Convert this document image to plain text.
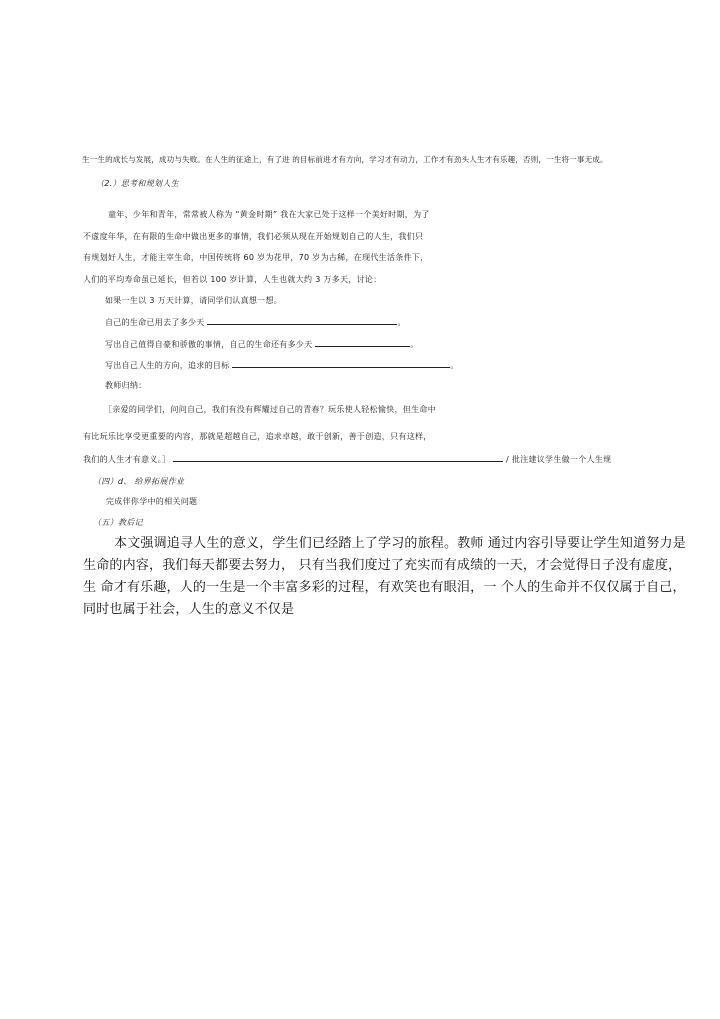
生一生的成长与发展，成功与失败。在人生的征途上，有了进 的目标前进才有方向，学习才有动力，工作才有劲头人生才有乐趣，否则，一生将一事无成。
（2.）思考和规划人生
童年、少年和青年，常常被人称为 “黄金时期” 我在大家已处于这样一个美好时期，为了
不虚度年华，在有限的生命中做出更多的事情，我们必须从现在开始规划自己的人生，我们只
有规划好人生，才能主宰生命，中国传统将 60 岁为花甲，70 岁为古稀，在现代生活条件下，
人们的平均寿命虽已延长，但若以 100 岁计算，人生也就大约 3 万多天，讨论：
如果一生以 3 万天计算，请同学们认真想一想。
自己的生命已用去了多少天	。
写出自己值得自豪和骄傲的事情，自己的生命还有多少天	。
写出自己人生的方向，追求的目标	。
教师归纳：
［亲爱的同学们，问问自己，我们有没有辉耀过自己的青春？玩乐使人轻松愉快，但生命中
有比玩乐比享受更重要的内容，那就是超越自己，追求卓越，敢于创新，善于创造，只有这样，
我们的人生才有意义。］	/ 批注建议学生做一个人生规
（四）d、 给界拓展作业
完成伴你学中的相关问题
（五）教后记
本文强调追寻人生的意义，学生们已经踏上了学习的旅程。教师 通过内容引导要让学生知道努力是
生命的内容，我们每天都要去努力， 只有当我们度过了充实而有成绩的一天，才会觉得日子没有虚度，
生 命才有乐趣，人的一生是一个丰富多彩的过程，有欢笑也有眼泪，一 个人的生命并不仅仅属于自己，
同时也属于社会，人生的意义不仅是
